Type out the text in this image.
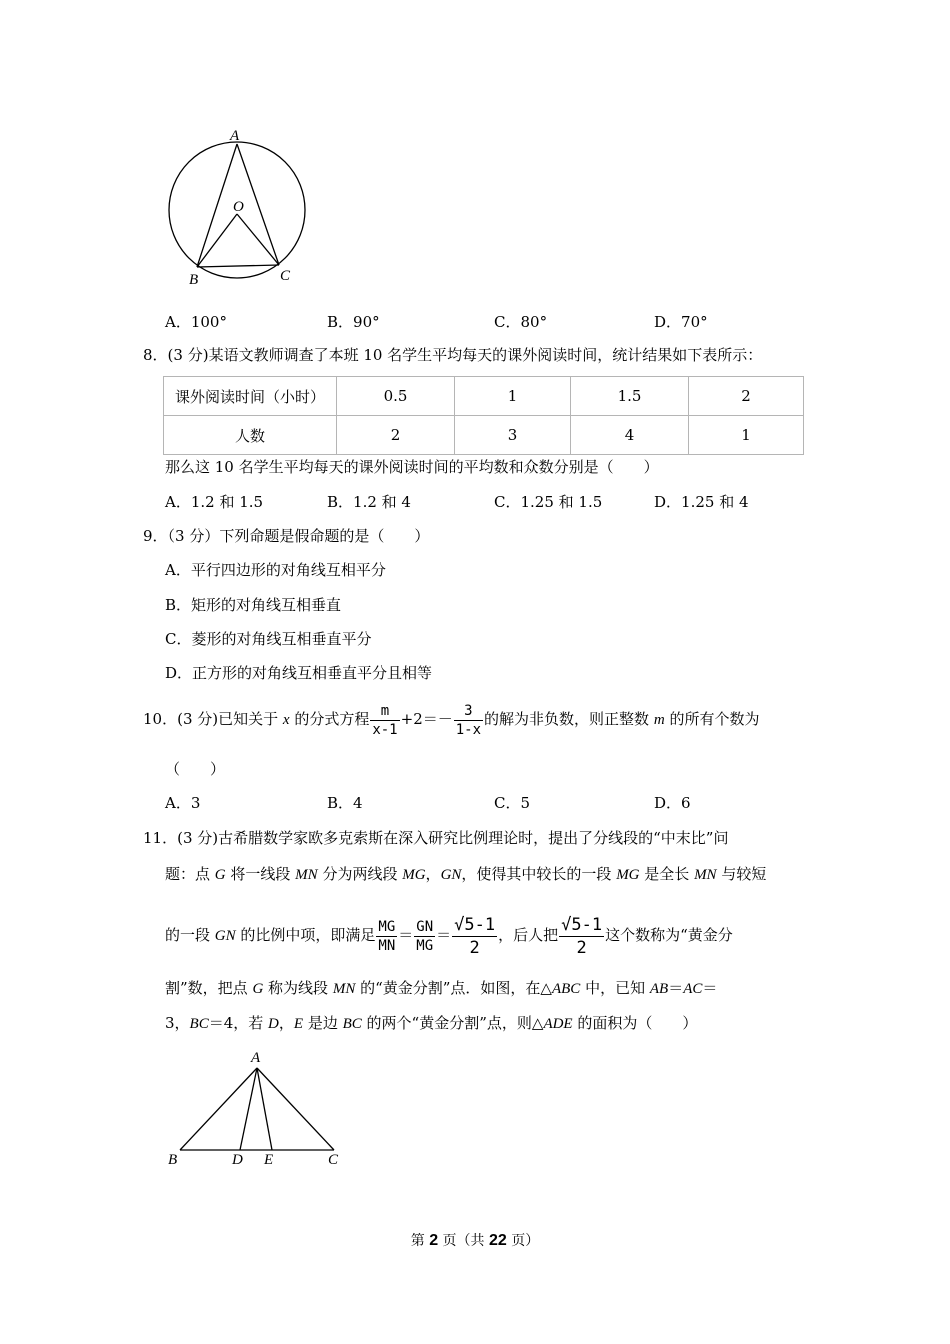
A
O
B	C
A．100°	B．90°	C．80°	D．70°
8．(3 分)某语文教师调查了本班 10 名学生平均每天的课外阅读时间，统计结果如下表所示：
课外阅读时间（小时）	0.5	1	1.5	2
人数	2	3	4	1
那么这 10 名学生平均每天的课外阅读时间的平均数和众数分别是（　　）
A．1.2 和 1.5	B．1.2 和 4	C．1.25 和 1.5	D．1.25 和 4
9．（3 分）下列命题是假命题的是（　　）
A．平行四边形的对角线互相平分
B．矩形的对角线互相垂直
C．菱形的对角线互相垂直平分
D．正方形的对角线互相垂直平分且相等
10．(3 分)已知关于 x 的分式方程 $\frac{m}{x-1} +2=- \frac{3}{1-x}$ 的解为非负数，则正整数 m 的所有个数为
（　　）
A．3	B．4	C．5	D．6
11．(3 分)古希腊数学家欧多克索斯在深入研究比例理论时，提出了分线段的“中末比”问
题：点 G 将一线段 MN 分为两线段 MG，GN，使得其中较长的一段 MG 是全长 MN 与较短
的一段 GN 的比例中项，即满足 $\frac{MG}{MN} = \frac{GN}{MG} = \frac{√5-1}{2}$ ，后人把 $\frac{√5-1}{2}$ 这个数称为“黄金分
割”数，把点 G 称为线段 MN 的“黄金分割”点．如图，在△ABC 中，已知 AB＝AC＝
3，BC＝4，若 D，E 是边 BC 的两个“黄金分割”点，则△ADE 的面积为（　　）
A
B	D E	C
第 2 页（共 22 页）
